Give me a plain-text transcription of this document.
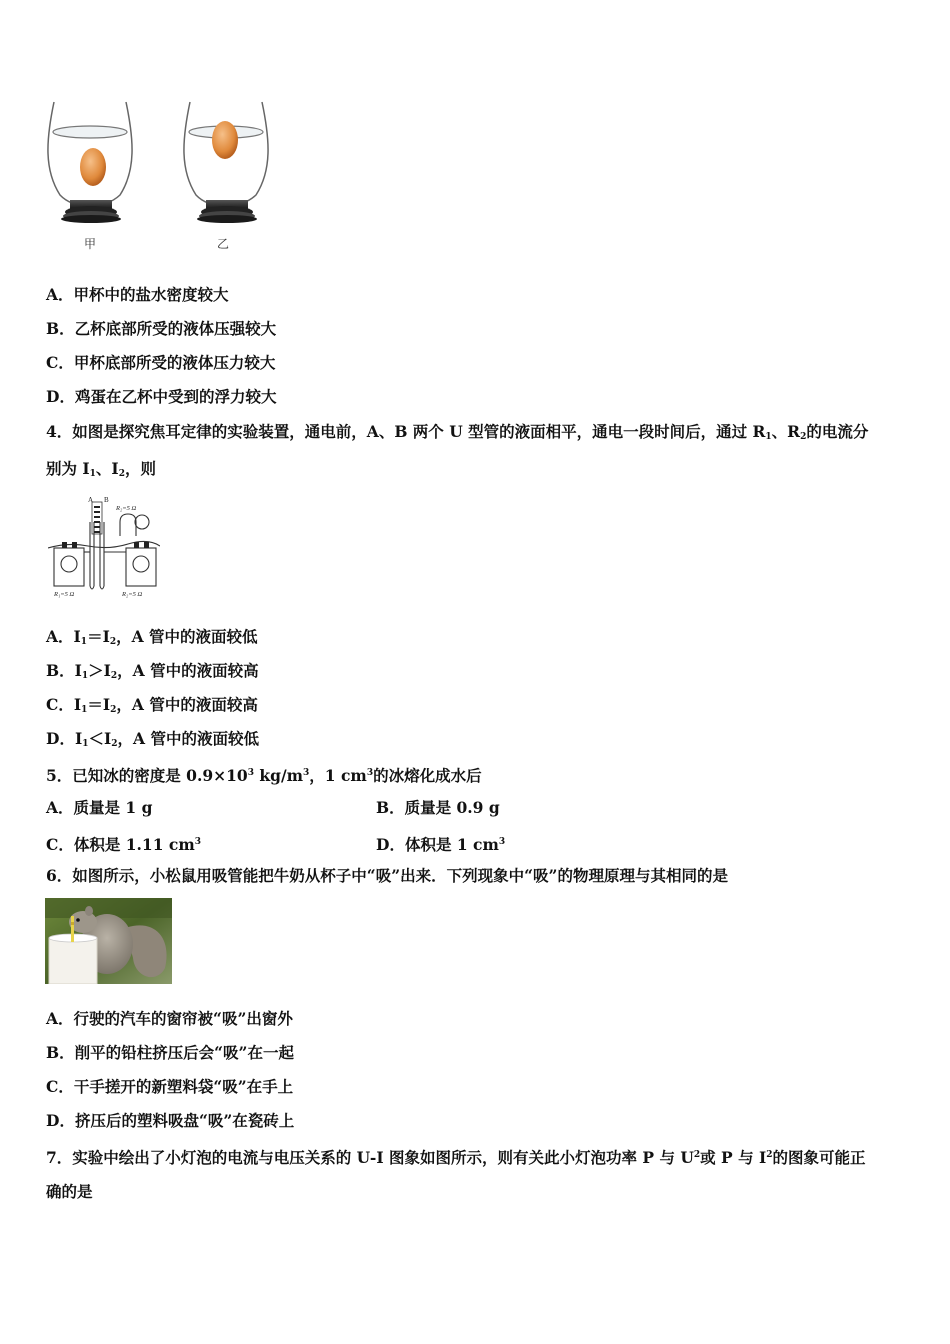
甲	乙
A．甲杯中的盐水密度较大
B．乙杯底部所受的液体压强较大
C．甲杯底部所受的液体压力较大
D．鸡蛋在乙杯中受到的浮力较大
4．如图是探究焦耳定律的实验装置，通电前，A、B 两个 U 型管的液面相平，通电一段时间后，通过 $R_1$、$R_2$的电流分
别为 $I_1$、$I_2$，则
A B
R₂=5 Ω
R₁=5 Ω	R₂=5 Ω
A．$I_1=I_2$，A 管中的液面较低
B．$I_1>I_2$，A 管中的液面较高
C．$I_1=I_2$，A 管中的液面较高
D．$I_1<I_2$，A 管中的液面较低
5．已知冰的密度是 $0.9\times 10^3$ $kg/m^3$，1 $cm^3$的冰熔化成水后
A．质量是 1 g	B．质量是 0.9 g
C．体积是 1.11 $cm^3$	D．体积是 1 $cm^3$
6．如图所示，小松鼠用吸管能把牛奶从杯子中“吸”出来．下列现象中“吸”的物理原理与其相同的是
A．行驶的汽车的窗帘被“吸”出窗外
B．削平的铅柱挤压后会“吸”在一起
C．干手搓开的新塑料袋“吸”在手上
D．挤压后的塑料吸盘“吸”在瓷砖上
7．实验中绘出了小灯泡的电流与电压关系的 U-I 图象如图所示，则有关此小灯泡功率 P 与 $U^2$或 P 与 $I^2$的图象可能正
确的是
